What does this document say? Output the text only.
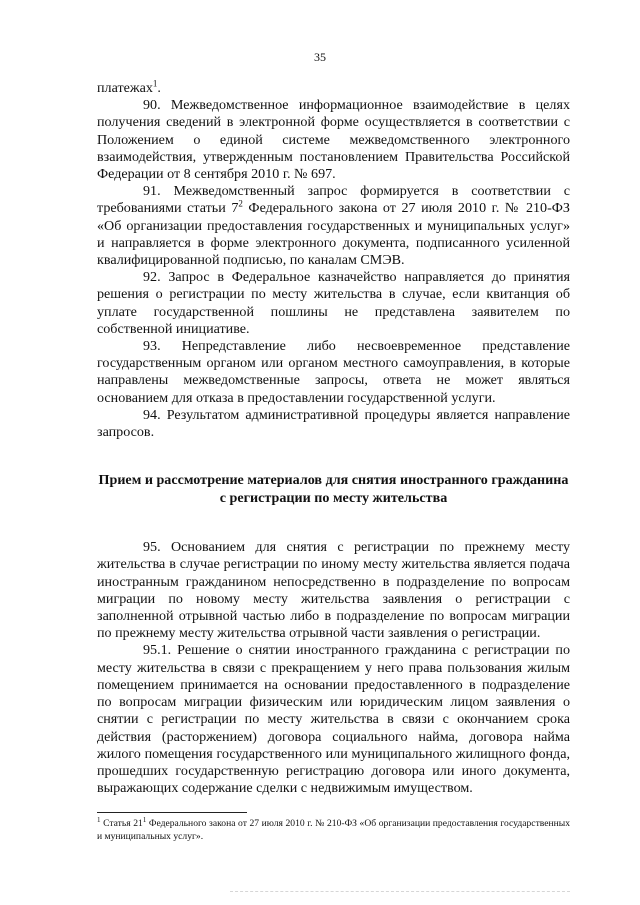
35

платежах$^1$.

90. Межведомственное информационное взаимодействие в целях получения сведений в электронной форме осуществляется в соответствии с Положением о единой системе межведомственного электронного взаимодействия, утвержденным постановлением Правительства Российской Федерации от 8 сентября 2010 г. № 697.

91. Межведомственный запрос формируется в соответствии с требованиями статьи $7^2$ Федерального закона от 27 июля 2010 г. № 210-ФЗ «Об организации предоставления государственных и муниципальных услуг» и направляется в форме электронного документа, подписанного усиленной квалифицированной подписью, по каналам СМЭВ.

92. Запрос в Федеральное казначейство направляется до принятия решения о регистрации по месту жительства в случае, если квитанция об уплате государственной пошлины не представлена заявителем по собственной инициативе.

93. Непредставление либо несвоевременное представление государственным органом или органом местного самоуправления, в которые направлены межведомственные запросы, ответа не может являться основанием для отказа в предоставлении государственной услуги.

94. Результатом административной процедуры является направление запросов.

Прием и рассмотрение материалов для снятия иностранного гражданина с регистрации по месту жительства

95. Основанием для снятия с регистрации по прежнему месту жительства в случае регистрации по иному месту жительства является подача иностранным гражданином непосредственно в подразделение по вопросам миграции по новому месту жительства заявления о регистрации с заполненной отрывной частью либо в подразделение по вопросам миграции по прежнему месту жительства отрывной части заявления о регистрации.

95.1. Решение о снятии иностранного гражданина с регистрации по месту жительства в связи с прекращением у него права пользования жилым помещением принимается на основании предоставленного в подразделение по вопросам миграции физическим или юридическим лицом заявления о снятии с регистрации по месту жительства в связи с окончанием срока действия (расторжением) договора социального найма, договора найма жилого помещения государственного или муниципального жилищного фонда, прошедших государственную регистрацию договора или иного документа, выражающих содержание сделки с недвижимым имуществом.

$^1$ Статья $21^1$ Федерального закона от 27 июля 2010 г. № 210-ФЗ «Об организации предоставления государственных и муниципальных услуг».
